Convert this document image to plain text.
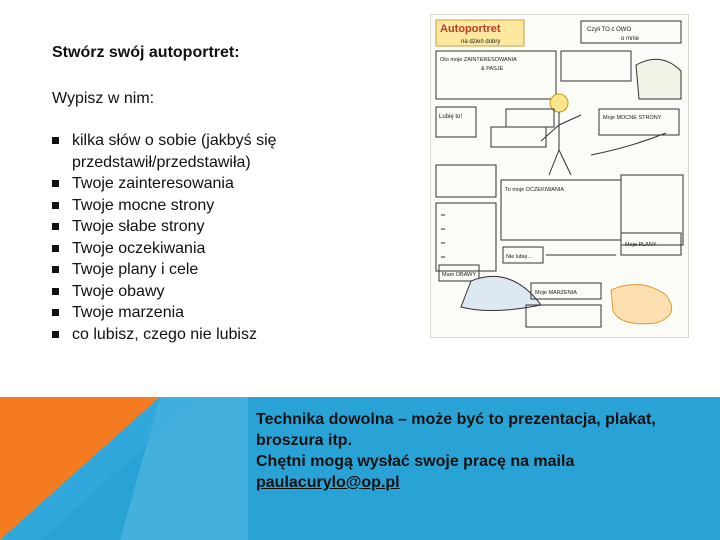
Stwórz swój autoportret:

Wypisz w nim:

kilka słów o sobie (jakbyś się przedstawił/przedstawiła)
Twoje zainteresowania
Twoje mocne strony
Twoje słabe strony
Twoje oczekiwania
Twoje plany i cele
Twoje obawy
Twoje marzenia
co lubisz, czego nie lubisz
Autoportret
na dzień dobry
Czyli TO ć OWO
o mnie
Oto moje ZAINTERESOWANIA
& PASJE
Lubię to!	Moje MOCNE STRONY
To moje OCZEKIWANIA
Nie lubię...
Moje PLANY
Mam OBAWY
Moje MARZENIA

Technika dowolna – może być to prezentacja, plakat, broszura itp.

Chętni mogą wysłać swoje pracę na maila

paulacurylo@op.pl
